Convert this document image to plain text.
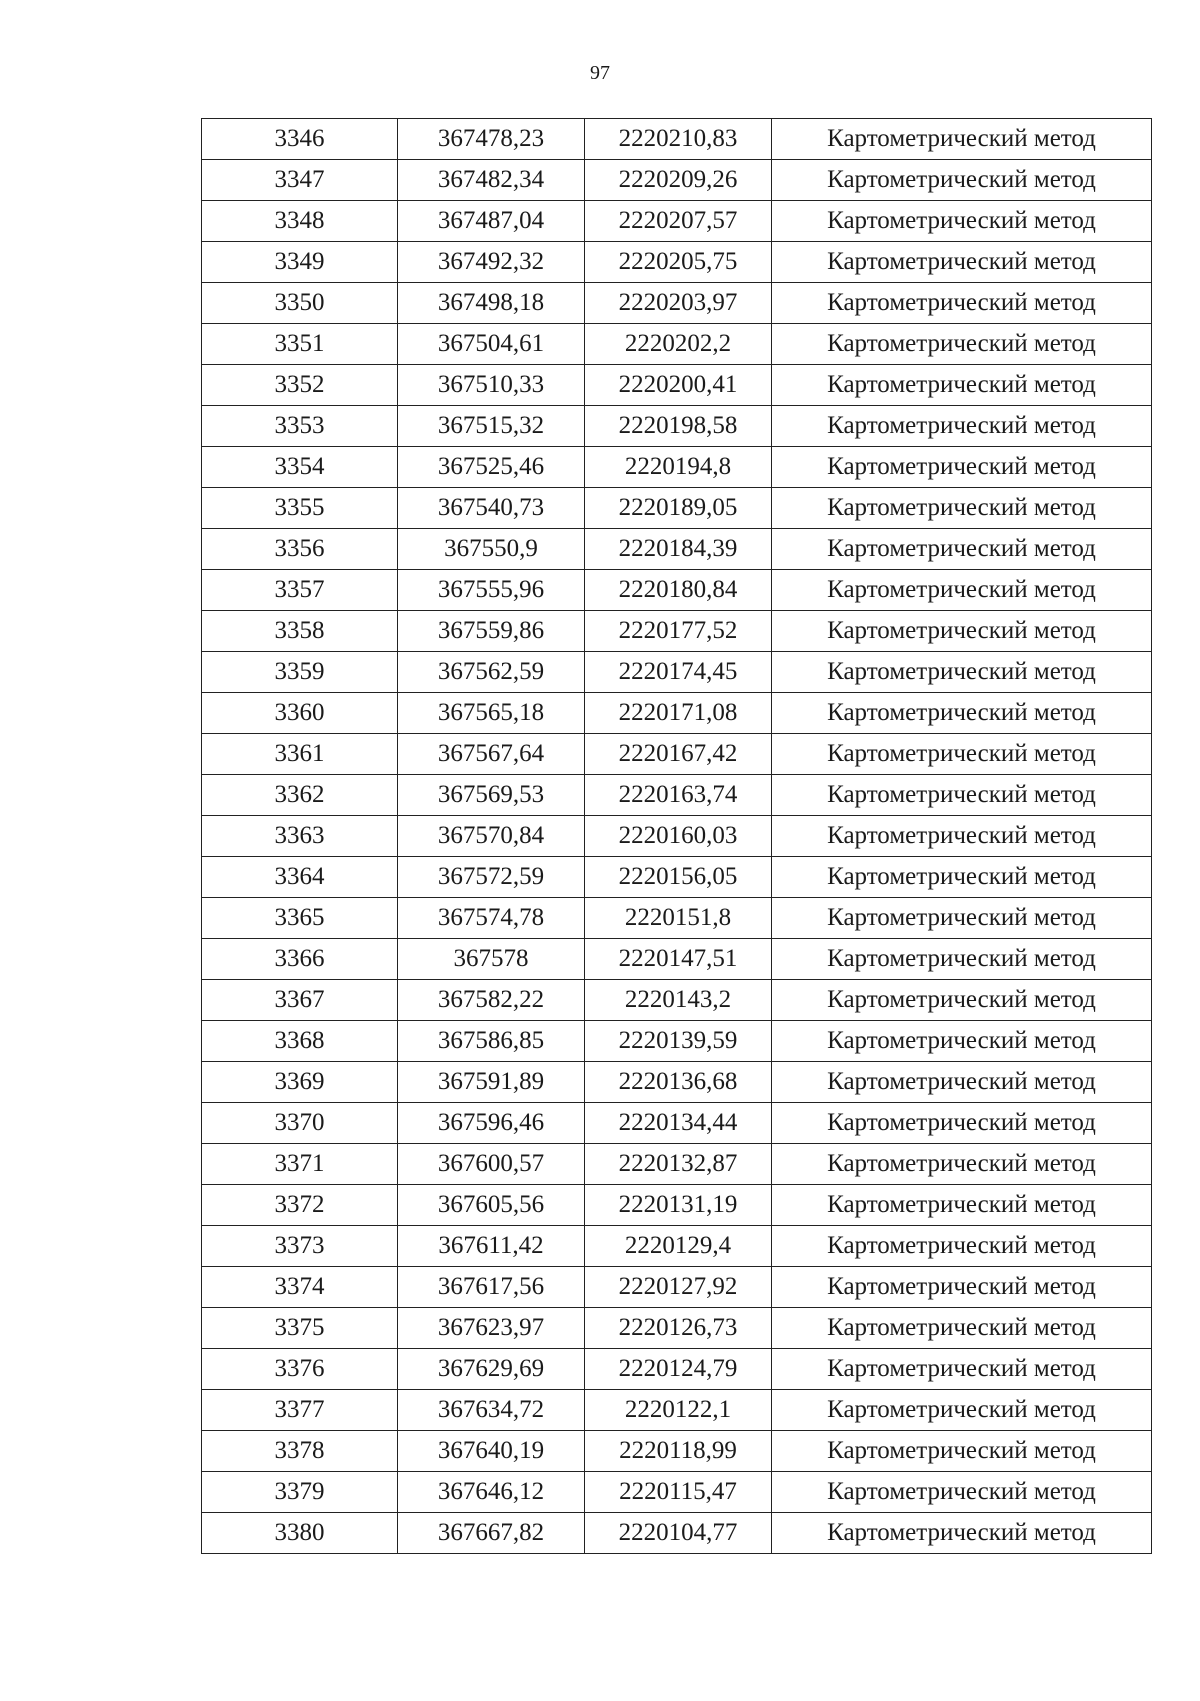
97
3346	367478,23	2220210,83	Картометрический метод
3347	367482,34	2220209,26	Картометрический метод
3348	367487,04	2220207,57	Картометрический метод
3349	367492,32	2220205,75	Картометрический метод
3350	367498,18	2220203,97	Картометрический метод
3351	367504,61	2220202,2	Картометрический метод
3352	367510,33	2220200,41	Картометрический метод
3353	367515,32	2220198,58	Картометрический метод
3354	367525,46	2220194,8	Картометрический метод
3355	367540,73	2220189,05	Картометрический метод
3356	367550,9	2220184,39	Картометрический метод
3357	367555,96	2220180,84	Картометрический метод
3358	367559,86	2220177,52	Картометрический метод
3359	367562,59	2220174,45	Картометрический метод
3360	367565,18	2220171,08	Картометрический метод
3361	367567,64	2220167,42	Картометрический метод
3362	367569,53	2220163,74	Картометрический метод
3363	367570,84	2220160,03	Картометрический метод
3364	367572,59	2220156,05	Картометрический метод
3365	367574,78	2220151,8	Картометрический метод
3366	367578	2220147,51	Картометрический метод
3367	367582,22	2220143,2	Картометрический метод
3368	367586,85	2220139,59	Картометрический метод
3369	367591,89	2220136,68	Картометрический метод
3370	367596,46	2220134,44	Картометрический метод
3371	367600,57	2220132,87	Картометрический метод
3372	367605,56	2220131,19	Картометрический метод
3373	367611,42	2220129,4	Картометрический метод
3374	367617,56	2220127,92	Картометрический метод
3375	367623,97	2220126,73	Картометрический метод
3376	367629,69	2220124,79	Картометрический метод
3377	367634,72	2220122,1	Картометрический метод
3378	367640,19	2220118,99	Картометрический метод
3379	367646,12	2220115,47	Картометрический метод
3380	367667,82	2220104,77	Картометрический метод
